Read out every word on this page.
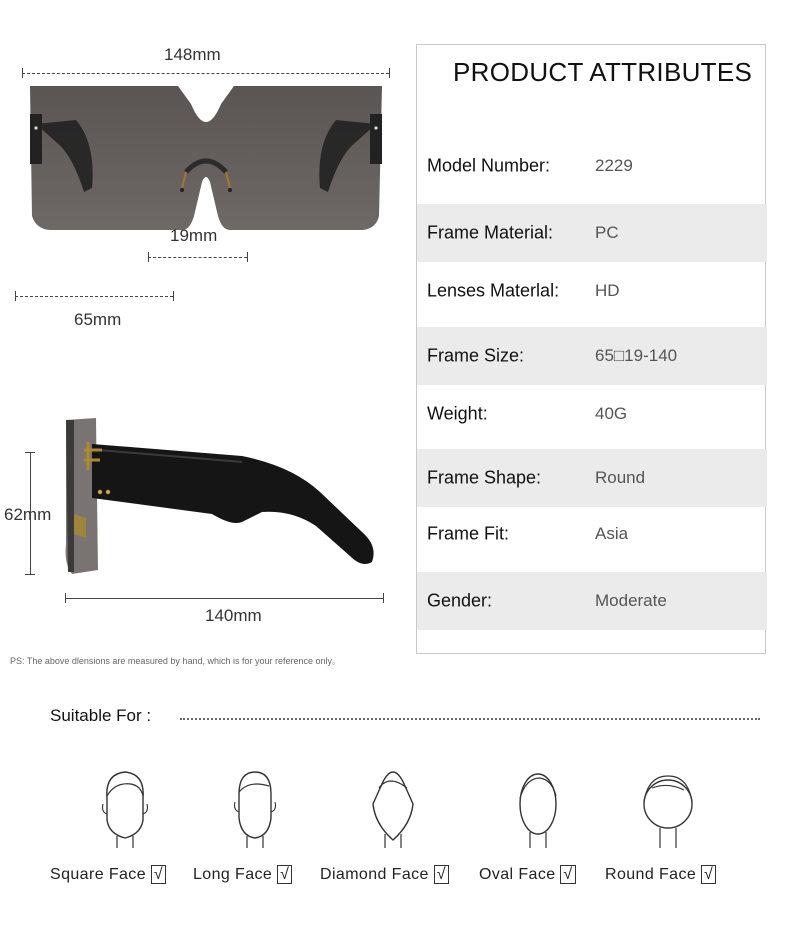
148mm
19mm
65mm
62mm
140mm
PS: The above dlensions are measured by hand, which is for your reference only。
PRODUCT ATTRIBUTES
Model Number:	2229
Frame Material: PC
Lenses Materlal: HD
Frame Size:	65□19-140
Weight:	40G
Frame Shape:	Round
Frame Fit:	Asia
Gender:	Moderate
Suitable For :
Square Face √ Long Face √ Diamond Face √ Oval Face √ Round Face √
